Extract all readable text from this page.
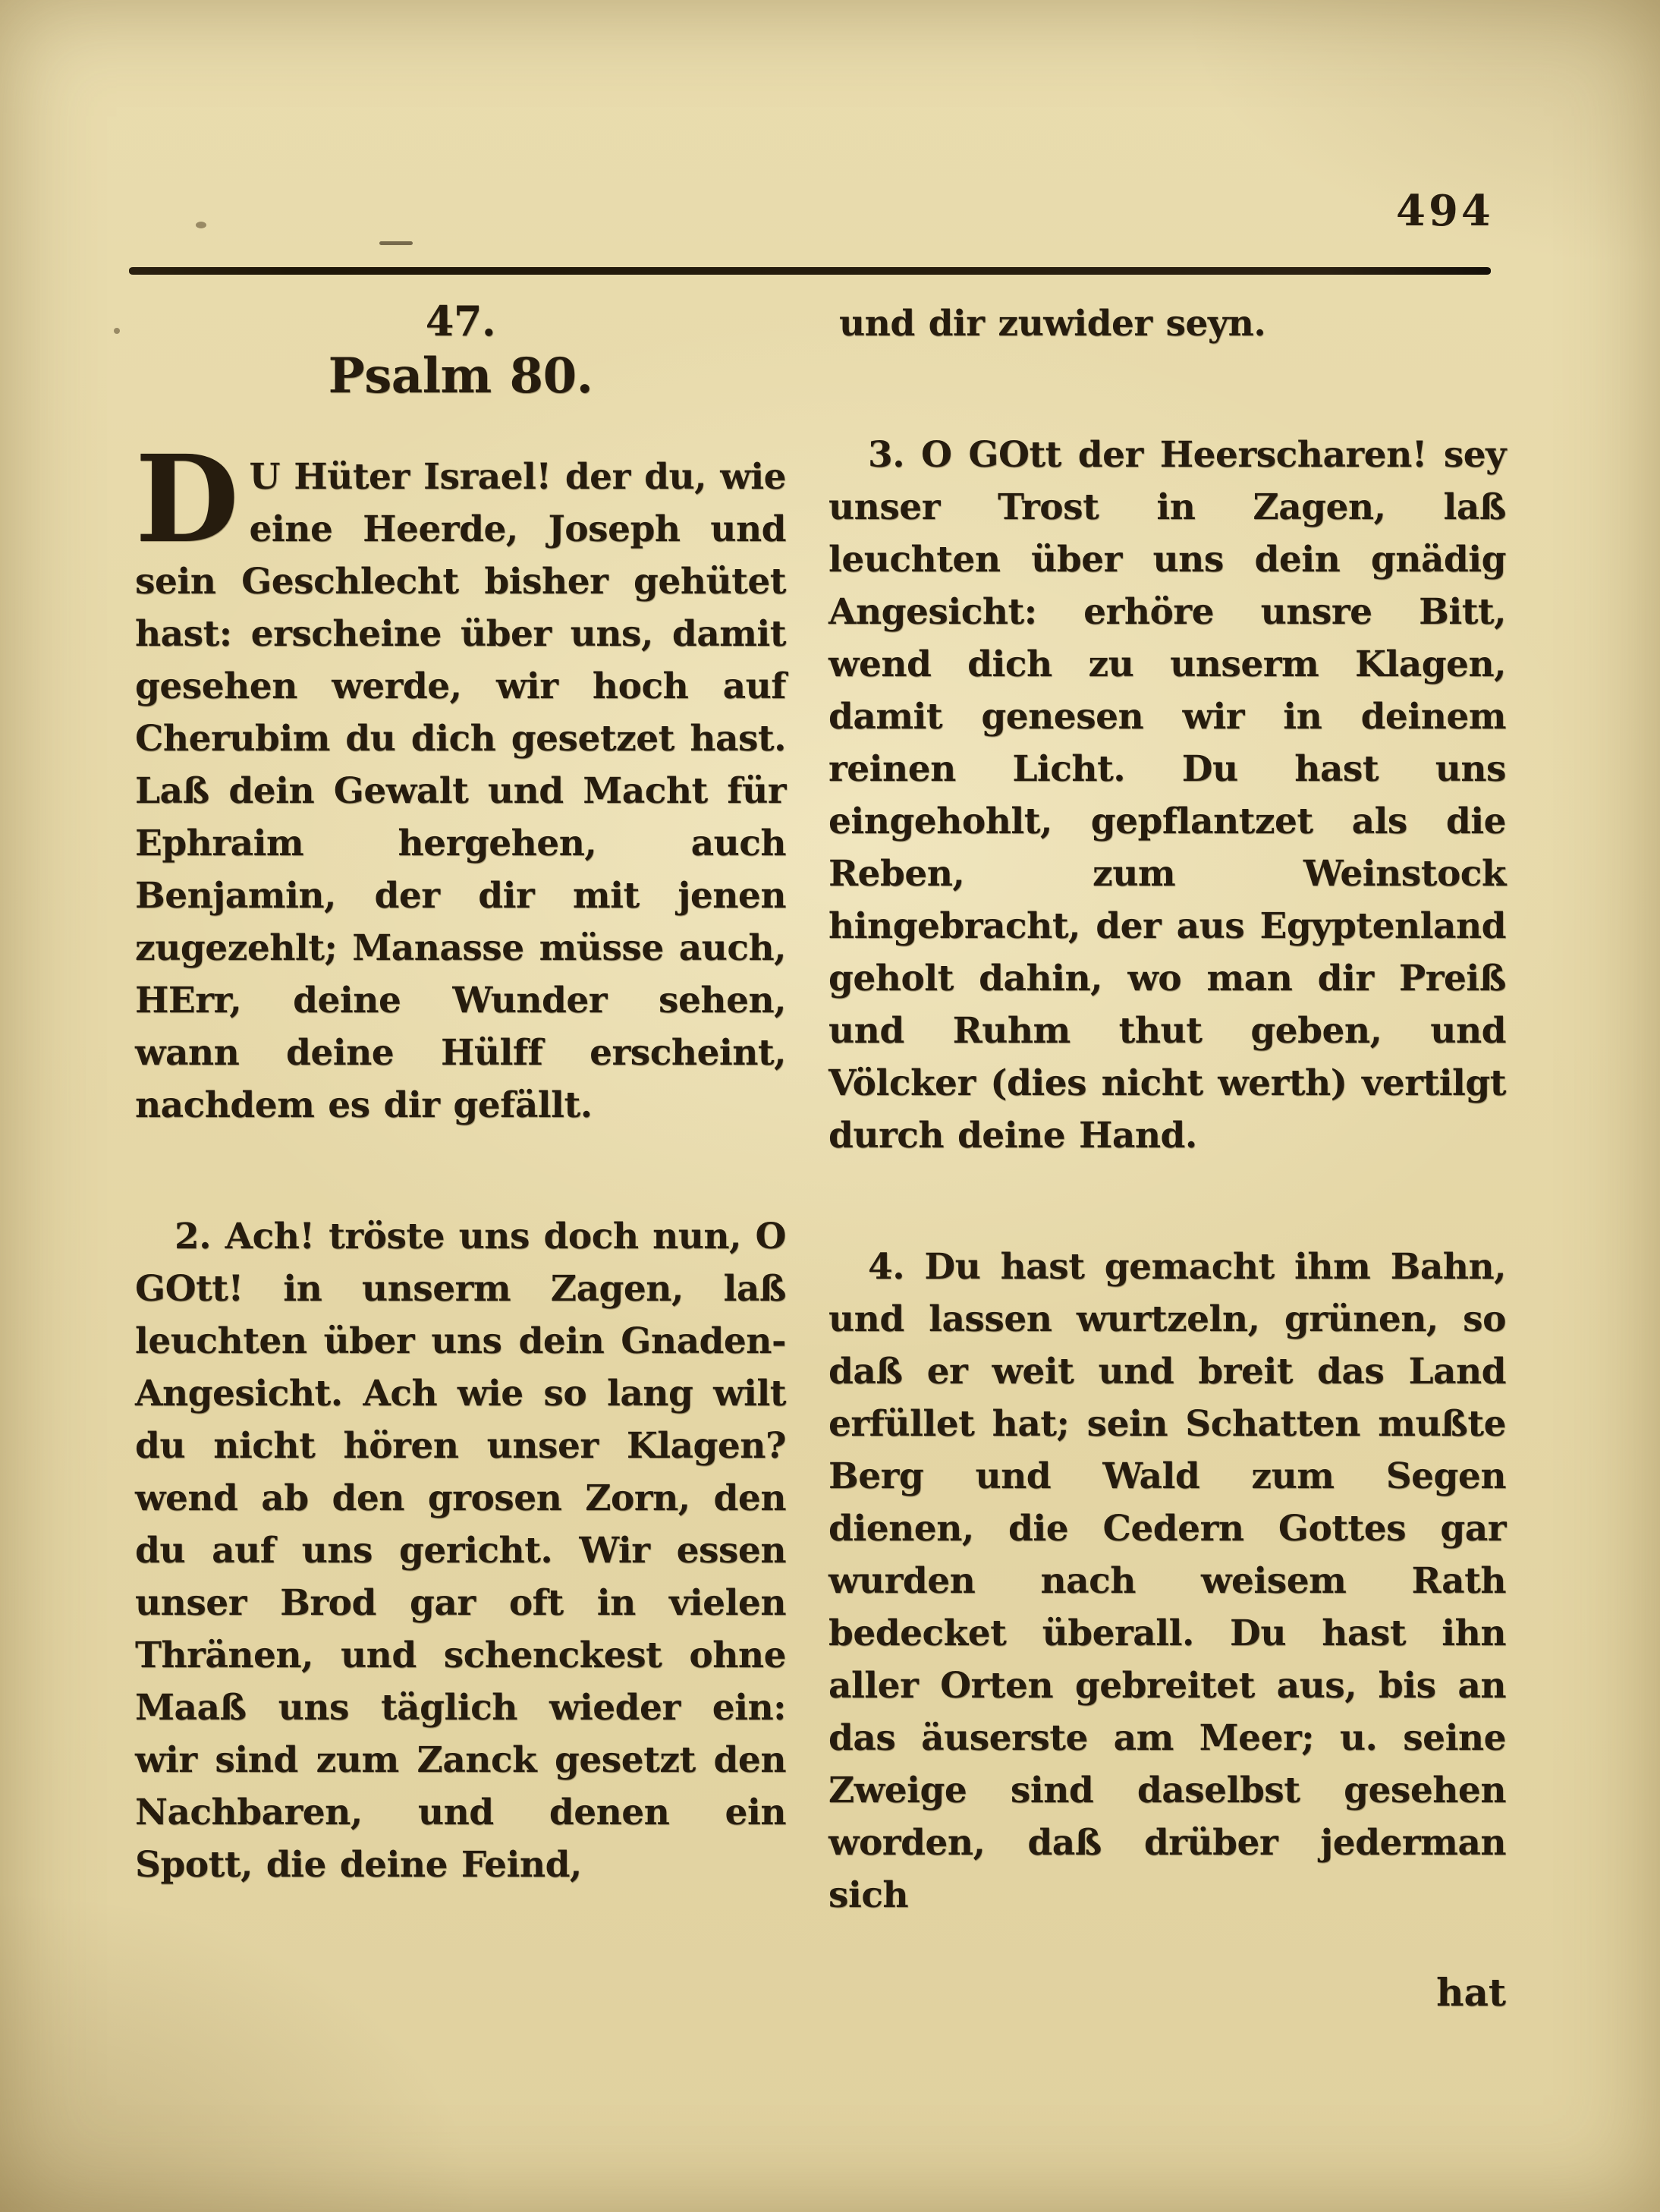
494
47.
Psalm 80.

D U Hüter Israel! der du, wie eine Heerde, Joseph und sein Geschlecht bisher gehütet hast: erscheine über uns, damit gesehen werde, wir hoch auf Cherubim du dich gesetzet hast. Laß dein Gewalt und Macht für Ephraim hergehen, auch Benjamin, der dir mit jenen zugezehlt; Manasse müsse auch, HErr, deine Wunder sehen, wann deine Hülff erscheint, nachdem es dir gefällt.

2. Ach! tröste uns doch nun, O GOtt! in unserm Zagen, laß leuchten über uns dein Gnaden-Angesicht. Ach wie so lang wilt du nicht hören unser Klagen? wend ab den grosen Zorn, den du auf uns gericht. Wir essen unser Brod gar oft in vielen Thränen, und schenckest ohne Maaß uns täglich wieder ein: wir sind zum Zanck gesetzt den Nachbaren, und denen ein Spott, die deine Feind,

und dir zuwider seyn.

3. O GOtt der Heerscharen! sey unser Trost in Zagen, laß leuchten über uns dein gnädig Angesicht: erhöre unsre Bitt, wend dich zu unserm Klagen, damit genesen wir in deinem reinen Licht. Du hast uns eingehohlt, gepflantzet als die Reben, zum Weinstock hingebracht, der aus Egyptenland geholt dahin, wo man dir Preiß und Ruhm thut geben, und Völcker (dies nicht werth) vertilgt durch deine Hand.

4. Du hast gemacht ihm Bahn, und lassen wurtzeln, grünen, so daß er weit und breit das Land erfüllet hat; sein Schatten mußte Berg und Wald zum Segen dienen, die Cedern Gottes gar wurden nach weisem Rath bedecket überall. Du hast ihn aller Orten gebreitet aus, bis an das äuserste am Meer; u. seine Zweige sind daselbst gesehen worden, daß drüber jederman sich

hat
